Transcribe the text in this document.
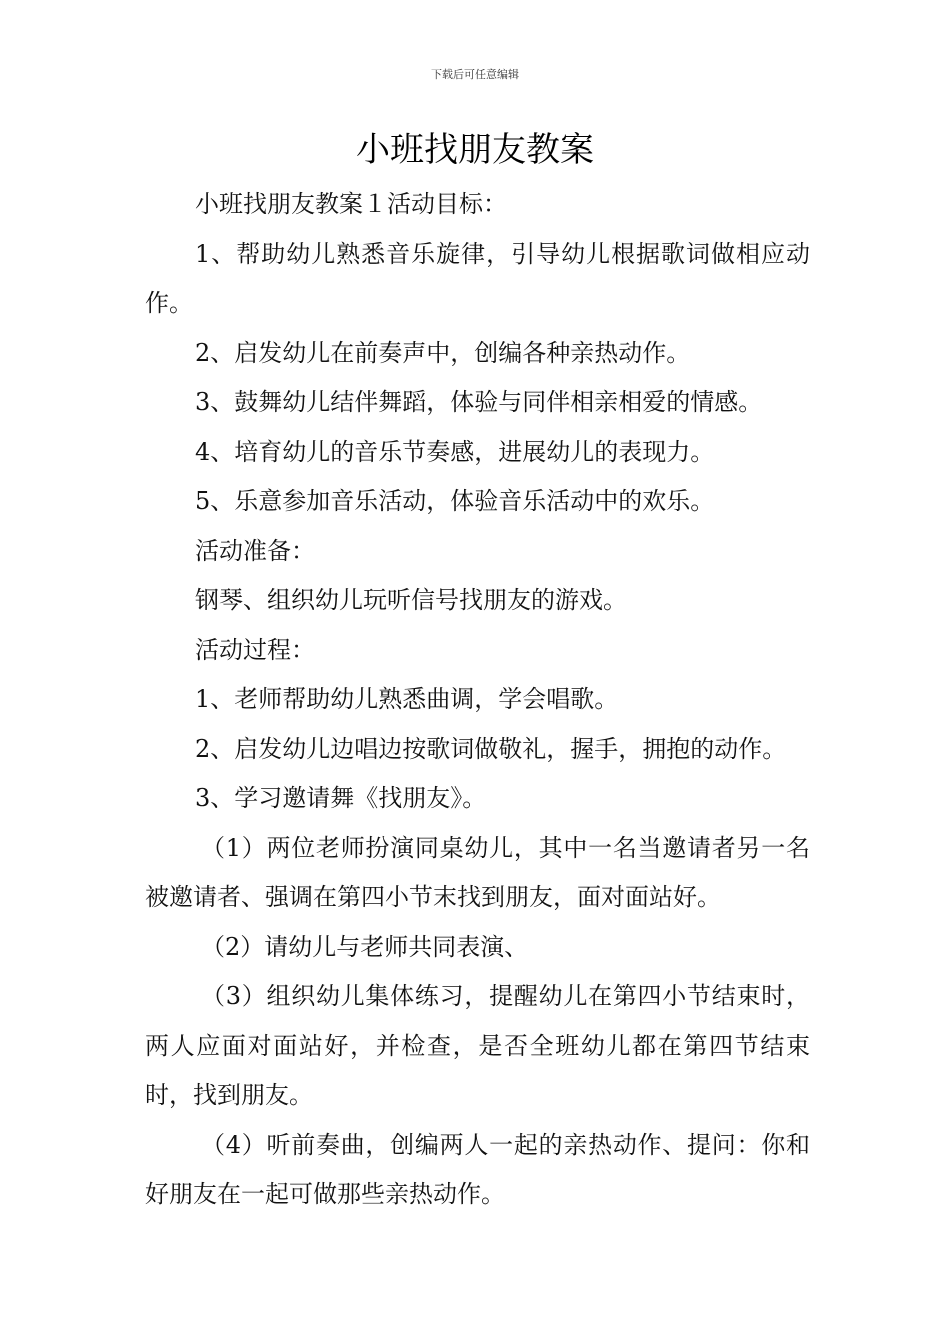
下载后可任意编辑
小班找朋友教案

小班找朋友教案１活动目标：

1、帮助幼儿熟悉音乐旋律，引导幼儿根据歌词做相应动作。

2、启发幼儿在前奏声中，创编各种亲热动作。

3、鼓舞幼儿结伴舞蹈，体验与同伴相亲相爱的情感。

4、培育幼儿的音乐节奏感，进展幼儿的表现力。

5、乐意参加音乐活动，体验音乐活动中的欢乐。

活动准备：

钢琴、组织幼儿玩听信号找朋友的游戏。

活动过程：

1、老师帮助幼儿熟悉曲调，学会唱歌。

2、启发幼儿边唱边按歌词做敬礼，握手，拥抱的动作。

3、学习邀请舞《找朋友》。

（1）两位老师扮演同桌幼儿，其中一名当邀请者另一名被邀请者、强调在第四小节末找到朋友，面对面站好。

（2）请幼儿与老师共同表演、

（3）组织幼儿集体练习，提醒幼儿在第四小节结束时，两人应面对面站好，并检查，是否全班幼儿都在第四节结束时，找到朋友。

（4）听前奏曲，创编两人一起的亲热动作、提问：你和好朋友在一起可做那些亲热动作。
